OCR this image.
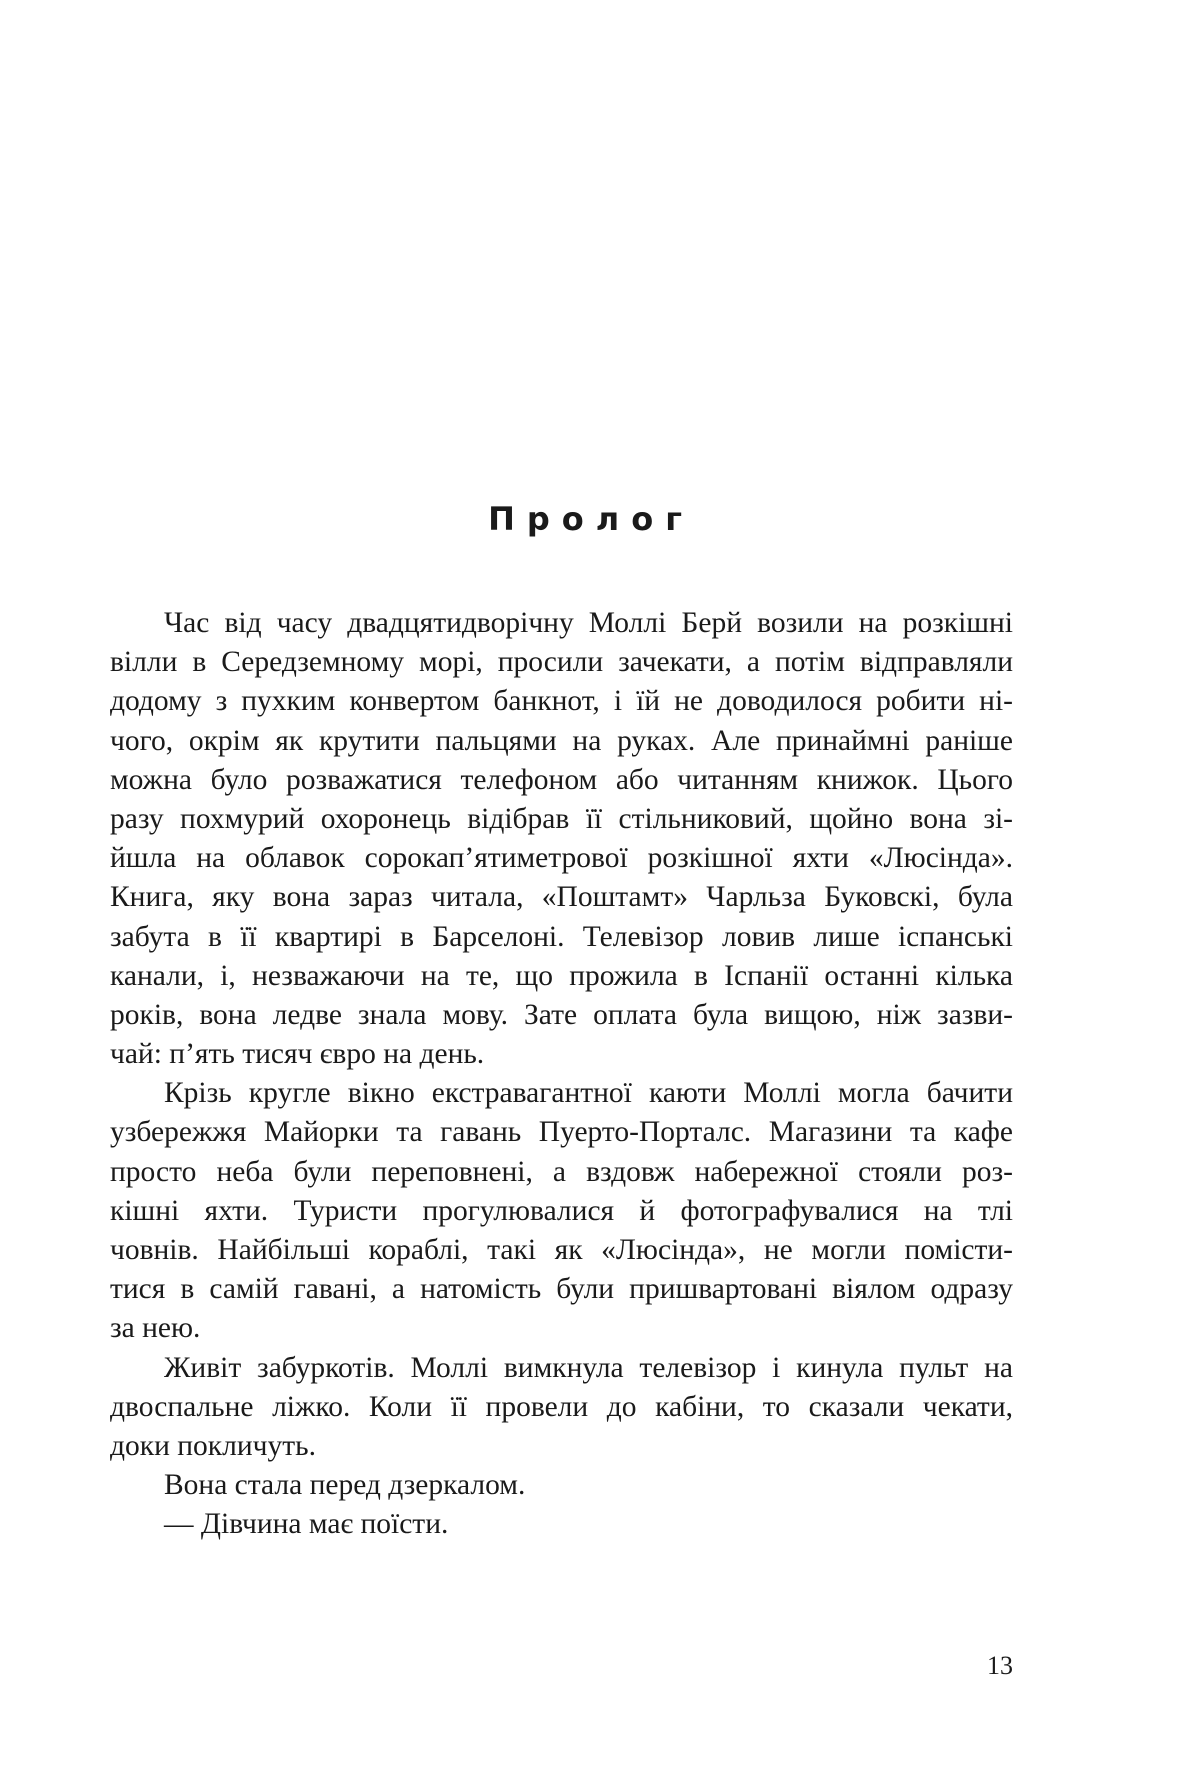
Пролог
Час від часу двадцятидворічну Моллі Берй возили на розкішні
вілли в Середземному морі, просили зачекати, а потім відправляли
додому з пухким конвертом банкнот, і їй не доводилося робити ні-
чого, окрім як крутити пальцями на руках. Але принаймні раніше
можна було розважатися телефоном або читанням книжок. Цього
разу похмурий охоронець відібрав її стільниковий, щойно вона зі-
йшла на облавок сорокап’ятиметрової розкішної яхти «Люсінда».
Книга, яку вона зараз читала, «Поштамт» Чарльза Буковскі, була
забута в її квартирі в Барселоні. Телевізор ловив лише іспанські
канали, і, незважаючи на те, що прожила в Іспанії останні кілька
років, вона ледве знала мову. Зате оплата була вищою, ніж зазви-
чай: п’ять тисяч євро на день.
Крізь кругле вікно екстравагантної каюти Моллі могла бачити
узбережжя Майорки та гавань Пуерто-Порталс. Магазини та кафе
просто неба були переповнені, а вздовж набережної стояли роз-
кішні яхти. Туристи прогулювалися й фотографувалися на тлі
човнів. Найбільші кораблі, такі як «Люсінда», не могли помісти-
тися в самій гавані, а натомість були пришвартовані віялом одразу
за нею.
Живіт забуркотів. Моллі вимкнула телевізор і кинула пульт на
двоспальне ліжко. Коли її провели до кабіни, то сказали чекати,
доки покличуть.
Вона стала перед дзеркалом.
— Дівчина має поїсти.
13
